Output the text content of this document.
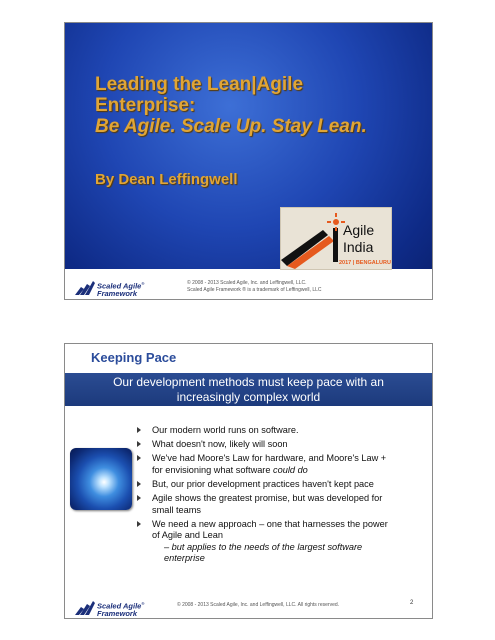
Leading the Lean|Agile
Enterprise:
Be Agile. Scale Up. Stay Lean.

By Dean Leffingwell

Agile
India
2017 | BENGALURU
Scaled Agile®
Framework
© 2008 - 2013 Scaled Agile, Inc. and Leffingwell, LLC.
Scaled Agile Framework ® is a trademark of Leffingwell, LLC
Keeping Pace
Our development methods must keep pace with an
increasingly complex world
Our modern world runs on software.
What doesn't now, likely will soon
We've had Moore's Law for hardware, and Moore's Law + for envisioning what software could do
But, our prior development practices haven't kept pace
Agile shows the greatest promise, but was developed for small teams
We need a new approach – one that harnesses the power of Agile and Lean
– but applies to the needs of the largest software enterprise
Scaled Agile®
Framework
© 2008 - 2013 Scaled Agile, Inc. and Leffingwell, LLC. All rights reserved.	2
